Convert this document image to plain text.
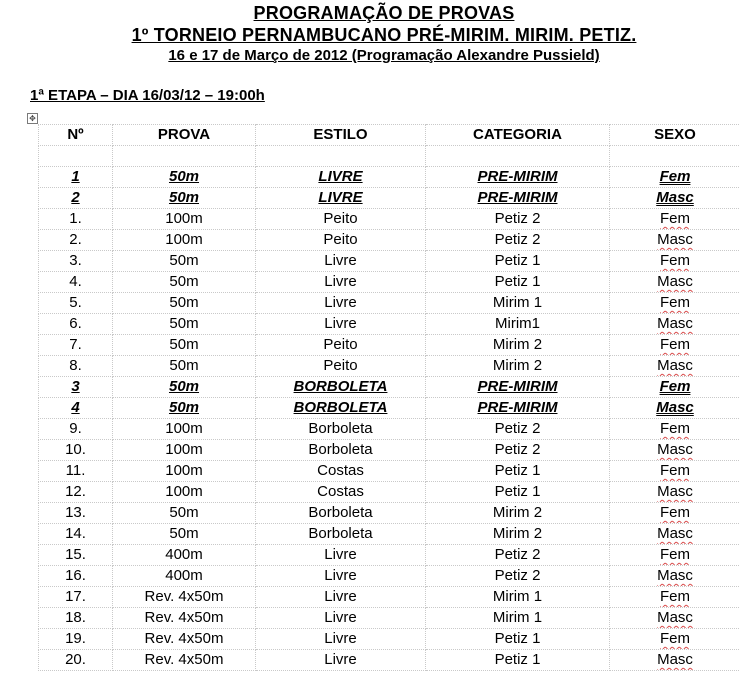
PROGRAMAÇÃO DE PROVAS
1º TORNEIO PERNAMBUCANO PRÉ-MIRIM. MIRIM. PETIZ.
16 e 17 de Março de 2012 (Programação Alexandre Pussield)
1ª ETAPA – DIA 16/03/12 – 19:00h
✥
Nº	PROVA	ESTILO	CATEGORIA	SEXO

1	50m	LIVRE	PRE-MIRIM	Fem
2	50m	LIVRE	PRE-MIRIM	Masc
1.	100m	Peito	Petiz 2	Fem
2.	100m	Peito	Petiz 2	Masc
3.	50m	Livre	Petiz 1	Fem
4.	50m	Livre	Petiz 1	Masc
5.	50m	Livre	Mirim 1	Fem
6.	50m	Livre	Mirim1	Masc
7.	50m	Peito	Mirim 2	Fem
8.	50m	Peito	Mirim 2	Masc
3	50m	BORBOLETA	PRE-MIRIM	Fem
4	50m	BORBOLETA	PRE-MIRIM	Masc
9.	100m	Borboleta	Petiz 2	Fem
10.	100m	Borboleta	Petiz 2	Masc
11.	100m	Costas	Petiz 1	Fem
12.	100m	Costas	Petiz 1	Masc
13.	50m	Borboleta	Mirim 2	Fem
14.	50m	Borboleta	Mirim 2	Masc
15.	400m	Livre	Petiz 2	Fem
16.	400m	Livre	Petiz 2	Masc
17.	Rev. 4x50m	Livre	Mirim 1	Fem
18.	Rev. 4x50m	Livre	Mirim 1	Masc
19.	Rev. 4x50m	Livre	Petiz 1	Fem
20.	Rev. 4x50m	Livre	Petiz 1	Masc
